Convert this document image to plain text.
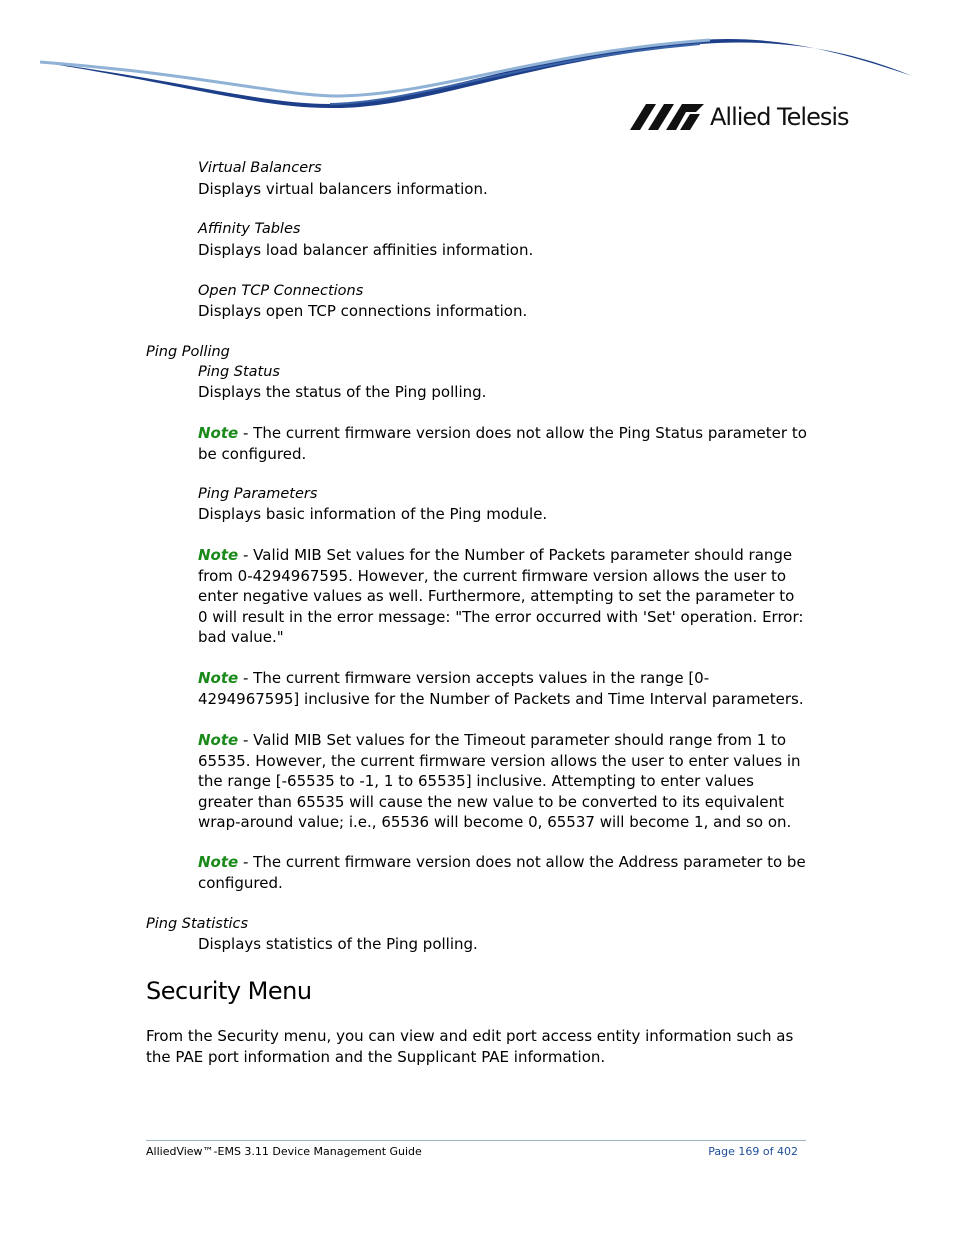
Allied Telesis
Virtual Balancers
Displays virtual balancers information.
Affinity Tables
Displays load balancer affinities information.
Open TCP Connections
Displays open TCP connections information.
Ping Polling
Ping Status
Displays the status of the Ping polling.
Note - The current firmware version does not allow the Ping Status parameter to be configured.
Ping Parameters
Displays basic information of the Ping module.
Note - Valid MIB Set values for the Number of Packets parameter should range from 0-4294967595. However, the current firmware version allows the user to enter negative values as well. Furthermore, attempting to set the parameter to 0 will result in the error message: "The error occurred with 'Set' operation. Error: bad value."
Note - The current firmware version accepts values in the range [0-4294967595] inclusive for the Number of Packets and Time Interval parameters.
Note - Valid MIB Set values for the Timeout parameter should range from 1 to 65535. However, the current firmware version allows the user to enter values in the range [-65535 to -1, 1 to 65535] inclusive. Attempting to enter values greater than 65535 will cause the new value to be converted to its equivalent wrap-around value; i.e., 65536 will become 0, 65537 will become 1, and so on.
Note - The current firmware version does not allow the Address parameter to be configured.
Ping Statistics
Displays statistics of the Ping polling.
Security Menu
From the Security menu, you can view and edit port access entity information such as the PAE port information and the Supplicant PAE information.
AlliedView™-EMS 3.11 Device Management Guide	Page 169 of 402
